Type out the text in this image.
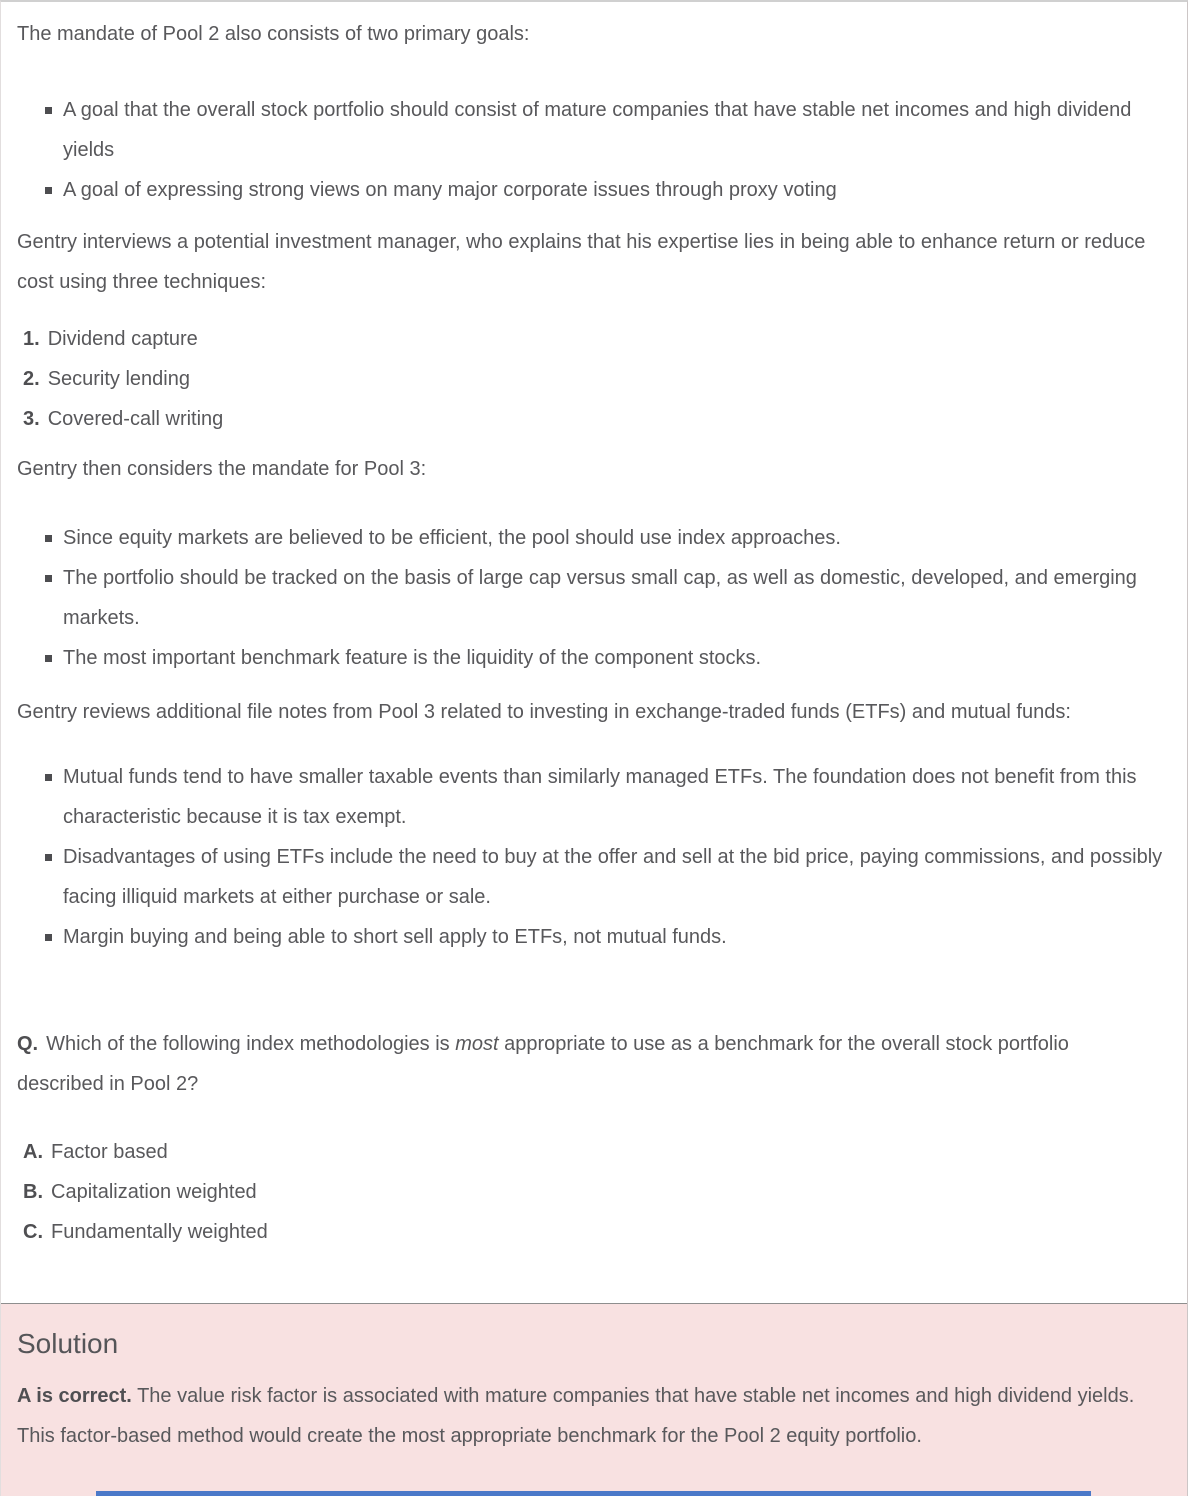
The mandate of Pool 2 also consists of two primary goals:

A goal that the overall stock portfolio should consist of mature companies that have stable net incomes and high dividend yields
A goal of expressing strong views on many major corporate issues through proxy voting

Gentry interviews a potential investment manager, who explains that his expertise lies in being able to enhance return or reduce cost using three techniques:

1. Dividend capture
2. Security lending
3. Covered-call writing

Gentry then considers the mandate for Pool 3:

Since equity markets are believed to be efficient, the pool should use index approaches.
The portfolio should be tracked on the basis of large cap versus small cap, as well as domestic, developed, and emerging markets.
The most important benchmark feature is the liquidity of the component stocks.

Gentry reviews additional file notes from Pool 3 related to investing in exchange-traded funds (ETFs) and mutual funds:

Mutual funds tend to have smaller taxable events than similarly managed ETFs. The foundation does not benefit from this characteristic because it is tax exempt.
Disadvantages of using ETFs include the need to buy at the offer and sell at the bid price, paying commissions, and possibly facing illiquid markets at either purchase or sale.
Margin buying and being able to short sell apply to ETFs, not mutual funds.

Q. Which of the following index methodologies is most appropriate to use as a benchmark for the overall stock portfolio described in Pool 2?

A. Factor based
B. Capitalization weighted
C. Fundamentally weighted
Solution

A is correct. The value risk factor is associated with mature companies that have stable net incomes and high dividend yields. This factor-based method would create the most appropriate benchmark for the Pool 2 equity portfolio.
